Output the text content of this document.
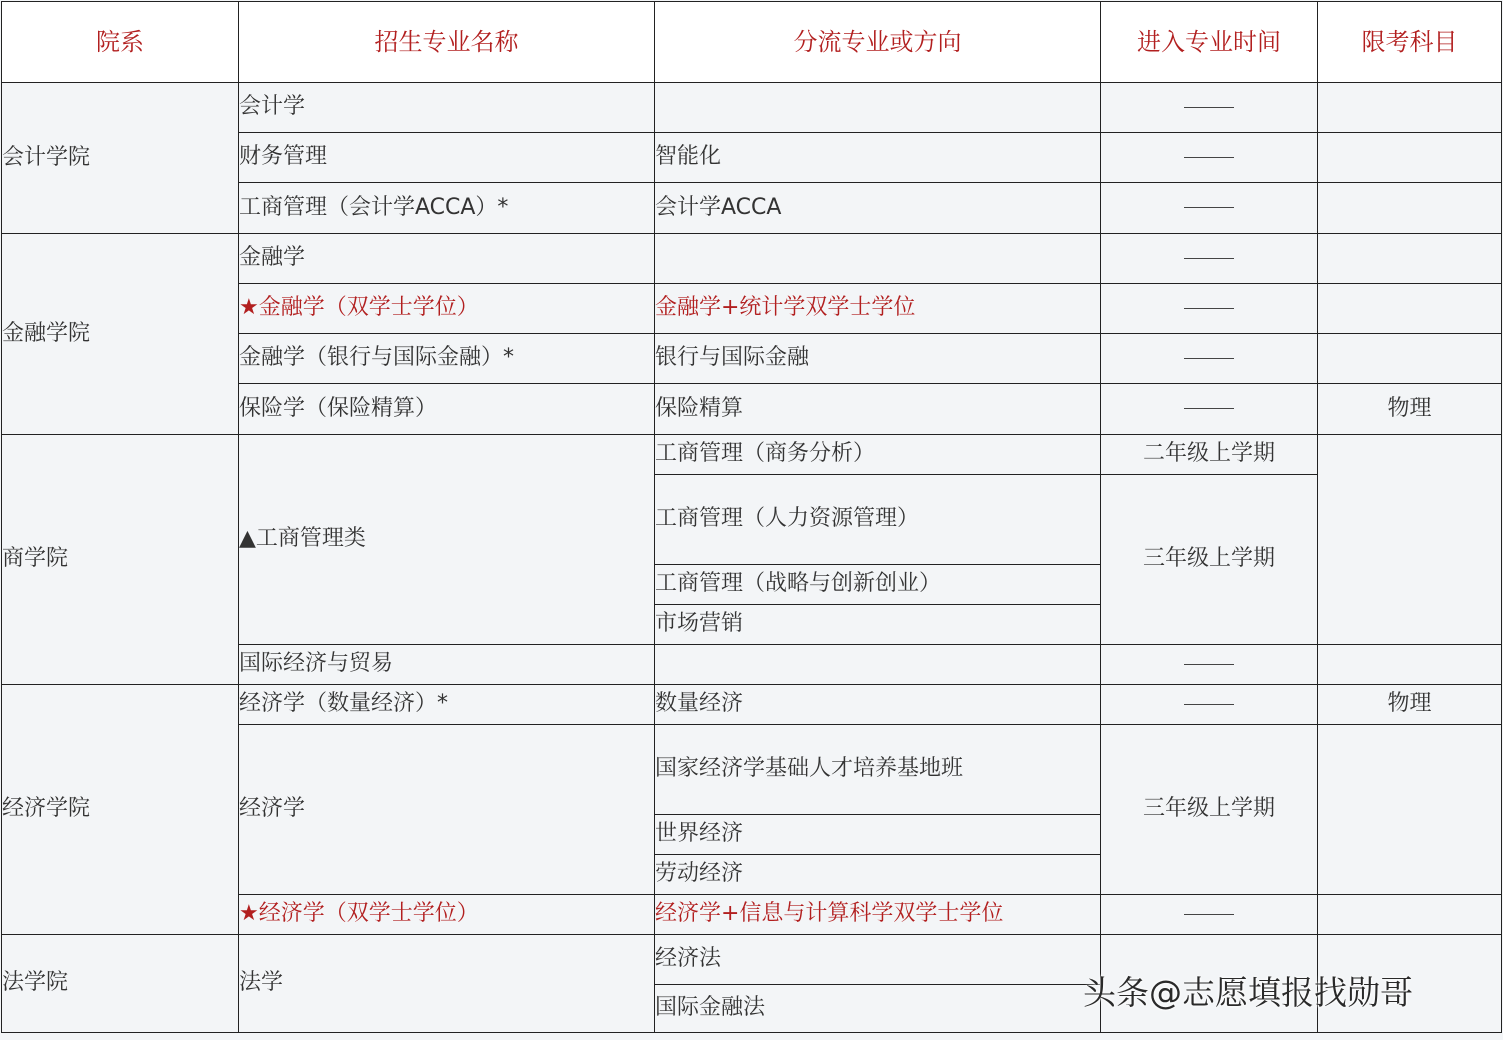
院系	招生专业名称	分流专业或方向	进入专业时间	限考科目
会计学院	会计学			
	财务管理	智能化		
	工商管理（会计学ACCA）*	会计学ACCA		
金融学院	金融学			
	★金融学（双学士学位）	金融学+统计学双学士学位		
	金融学（银行与国际金融）*	银行与国际金融		
	保险学（保险精算）	保险精算		物理
商学院	▲工商管理类	工商管理（商务分析）	二年级上学期	
		工商管理（人力资源管理）	三年级上学期	
		工商管理（战略与创新创业）		
		市场营销		
	国际经济与贸易			
经济学院	经济学（数量经济）*	数量经济		物理
	经济学	国家经济学基础人才培养基地班	三年级上学期	
		世界经济		
		劳动经济		
	★经济学（双学士学位）	经济学+信息与计算科学双学士学位		
法学院	法学	经济法		
		国际金融法			头条@志愿填报找勋哥
